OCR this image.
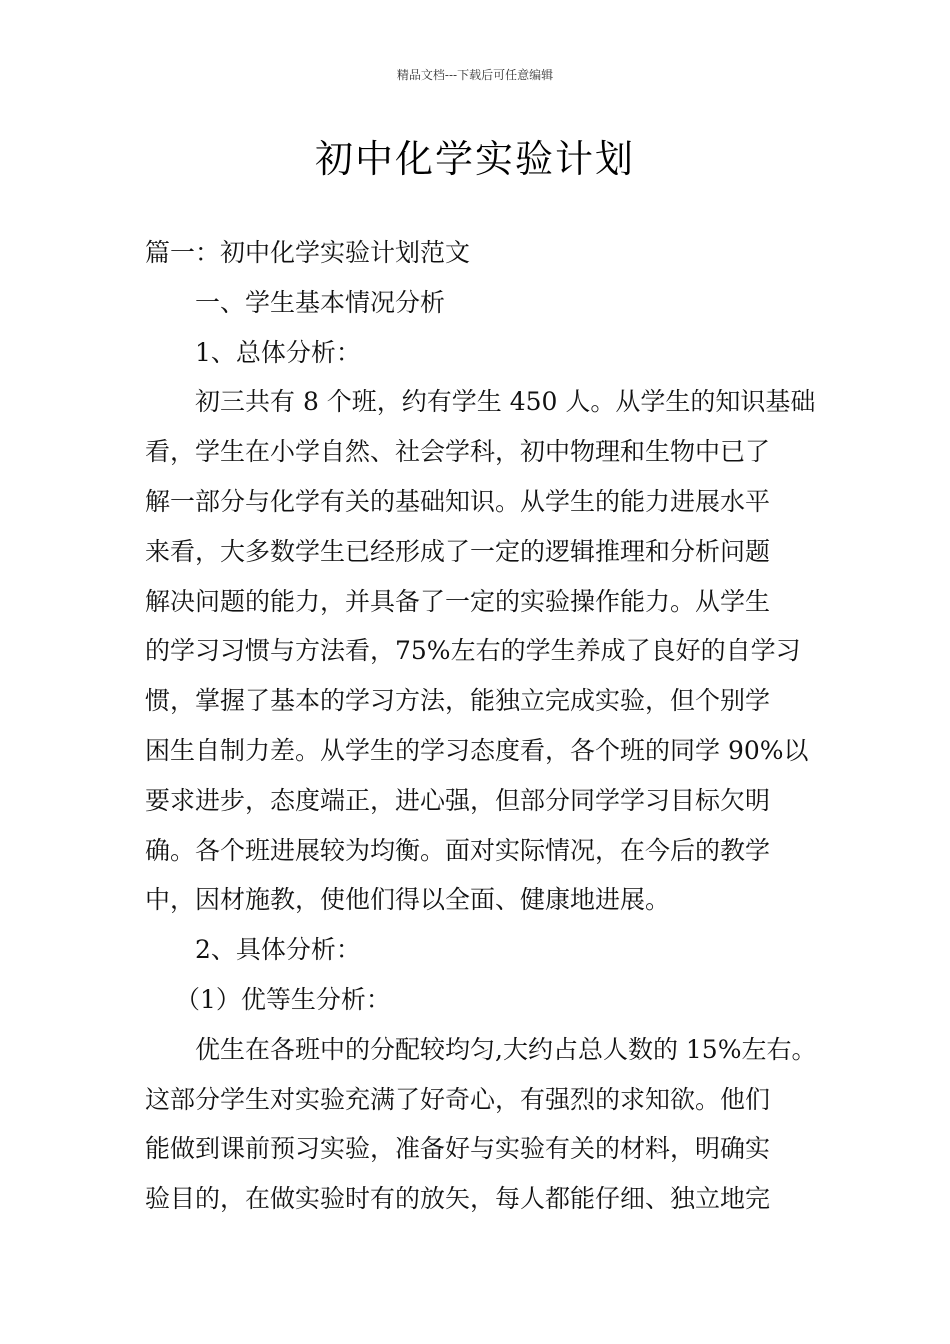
精品文档---下载后可任意编辑
初中化学实验计划
篇一：初中化学实验计划范文
一、学生基本情况分析
1、总体分析：
初三共有 8 个班，约有学生 450 人。从学生的知识基础
看，学生在小学自然、社会学科，初中物理和生物中已了
解一部分与化学有关的基础知识。从学生的能力进展水平
来看，大多数学生已经形成了一定的逻辑推理和分析问题
解决问题的能力，并具备了一定的实验操作能力。从学生
的学习习惯与方法看，75%左右的学生养成了良好的自学习
惯，掌握了基本的学习方法，能独立完成实验，但个别学
困生自制力差。从学生的学习态度看，各个班的同学 90%以
要求进步，态度端正，进心强，但部分同学学习目标欠明
确。各个班进展较为均衡。面对实际情况，在今后的教学
中，因材施教，使他们得以全面、健康地进展。
2、具体分析：
（1）优等生分析：
优生在各班中的分配较均匀,大约占总人数的 15%左右。
这部分学生对实验充满了好奇心，有强烈的求知欲。他们
能做到课前预习实验，准备好与实验有关的材料，明确实
验目的，在做实验时有的放矢，每人都能仔细、独立地完
